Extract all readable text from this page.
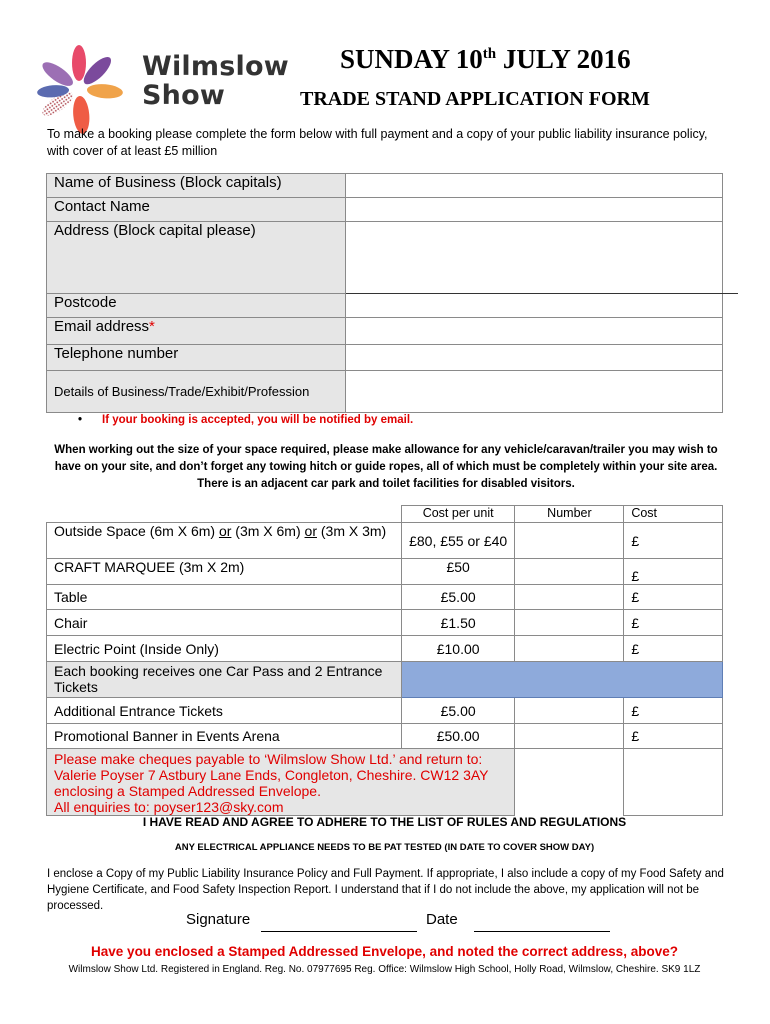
Wilmslow
Show
SUNDAY 10th JULY 2016
TRADE STAND APPLICATION FORM
To make a booking please complete the form below with full payment and a copy of your public liability insurance policy, with cover of at least £5 million
Name of Business (Block capitals)	
Contact Name	
Address (Block capital please)	
Postcode	
Email address*	
Telephone number	
Details of Business/Trade/Exhibit/Profession	
• If your booking is accepted, you will be notified by email.
When working out the size of your space required, please make allowance for any vehicle/caravan/trailer you may wish to have on your site, and don’t forget any towing hitch or guide ropes, all of which must be completely within your site area. There is an adjacent car park and toilet facilities for disabled visitors.
	Cost per unit	Number	Cost
Outside Space (6m X 6m) or (3m X 6m) or (3m X 3m)	£80, £55 or £40		£
CRAFT MARQUEE (3m X 2m)	£50		£
Table	£5.00		£
Chair	£1.50		£
Electric Point (Inside Only)	£10.00		£
Each booking receives one Car Pass and 2 Entrance Tickets			
Additional Entrance Tickets	£5.00		£
Promotional Banner in Events Arena	£50.00		£

Please make cheques payable to ‘Wilmslow Show Ltd.’ and return to:
Valerie Poyser 7 Astbury Lane Ends, Congleton, Cheshire. CW12 3AY
enclosing a Stamped Addressed Envelope.
All enquiries to: poyser123@sky.com			

I HAVE READ AND AGREE TO ADHERE TO THE LIST OF RULES AND REGULATIONS
ANY ELECTRICAL APPLIANCE NEEDS TO BE PAT TESTED (IN DATE TO COVER SHOW DAY)
I enclose a Copy of my Public Liability Insurance Policy and Full Payment. If appropriate, I also include a copy of my Food Safety and Hygiene Certificate, and Food Safety Inspection Report. I understand that if I do not include the above, my application will not be processed.
Signature	Date
Have you enclosed a Stamped Addressed Envelope, and noted the correct address, above?
Wilmslow Show Ltd. Registered in England. Reg. No. 07977695 Reg. Office: Wilmslow High School, Holly Road, Wilmslow, Cheshire. SK9 1LZ
